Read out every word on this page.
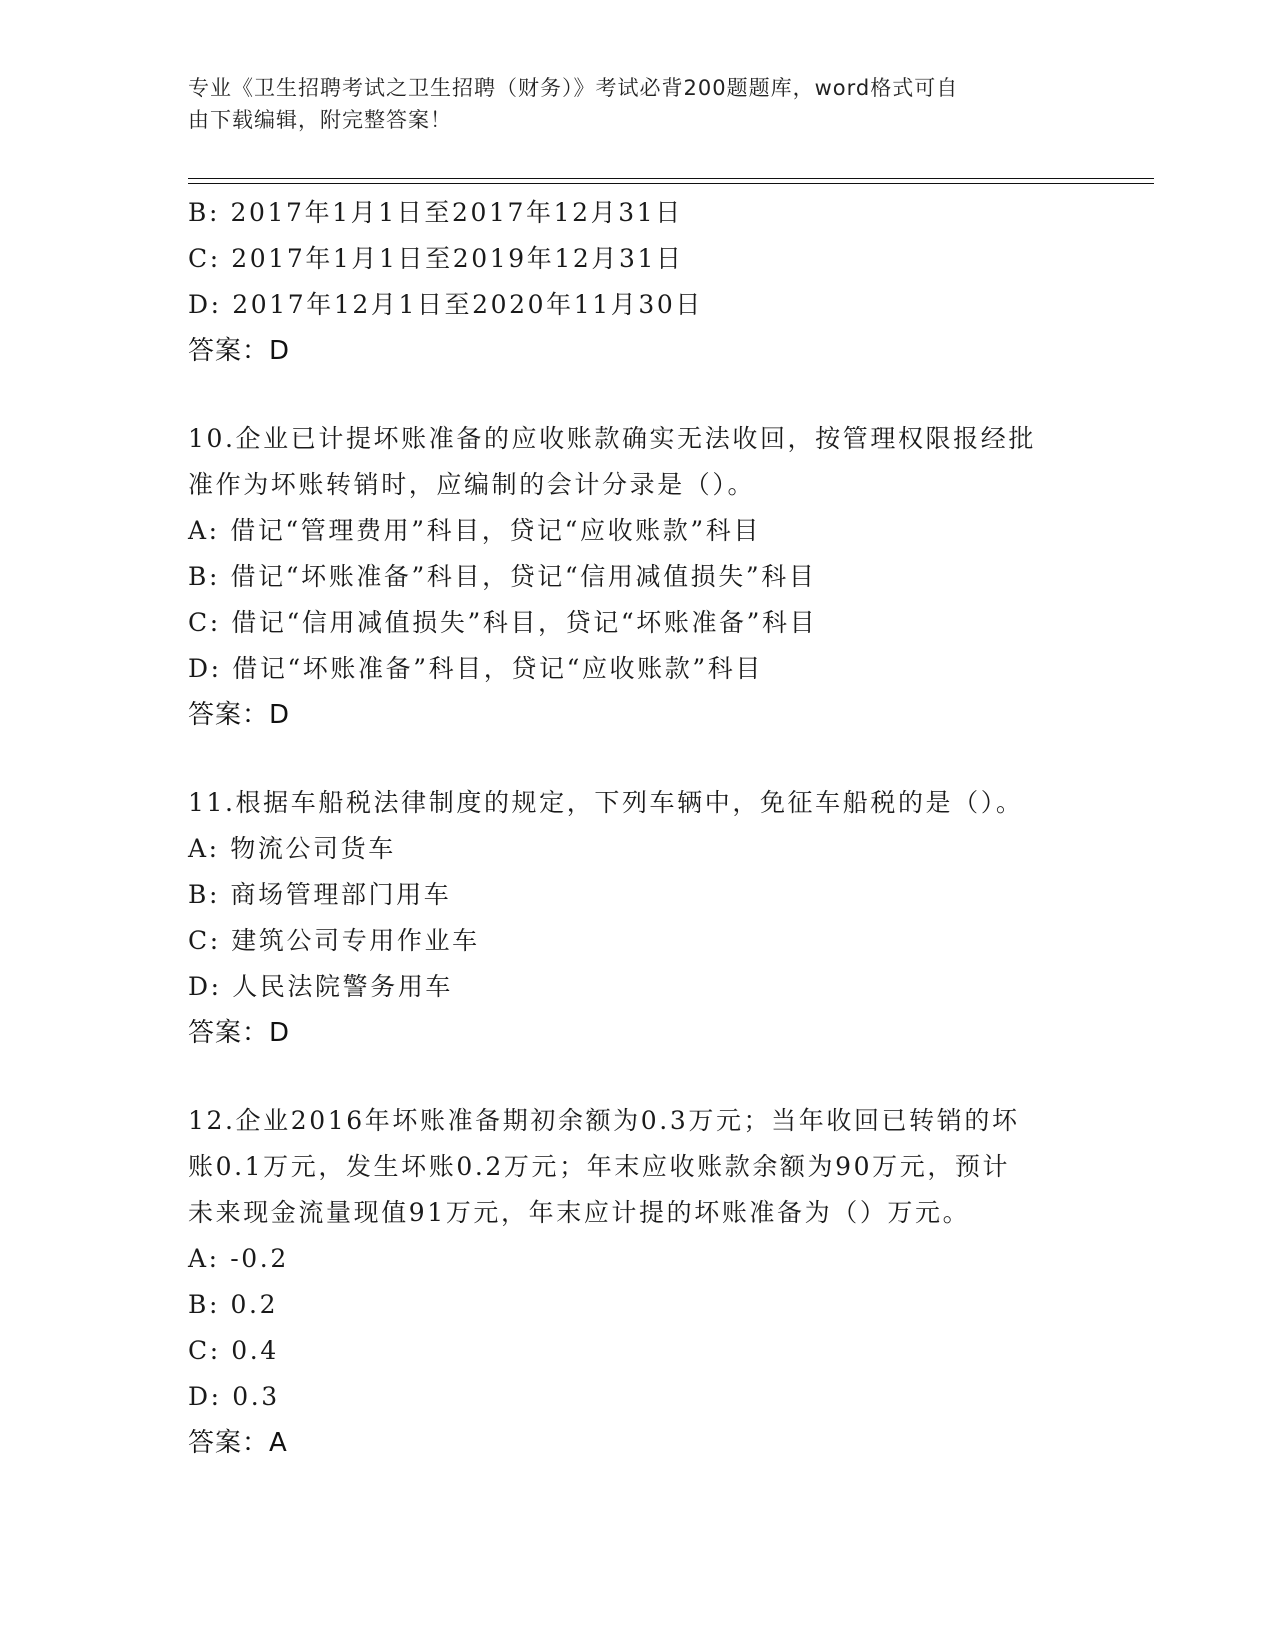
专业《卫生招聘考试之卫生招聘（财务）》考试必背200题题库，word格式可自
由下载编辑，附完整答案！
B: 2017年1月1日至2017年12月31日
C: 2017年1月1日至2019年12月31日
D: 2017年12月1日至2020年11月30日
答案：D
10.企业已计提坏账准备的应收账款确实无法收回，按管理权限报经批
准作为坏账转销时，应编制的会计分录是（）。
A: 借记“管理费用”科目，贷记“应收账款”科目
B: 借记“坏账准备”科目，贷记“信用减值损失”科目
C: 借记“信用减值损失”科目，贷记“坏账准备”科目
D: 借记“坏账准备”科目，贷记“应收账款”科目
答案：D
11.根据车船税法律制度的规定，下列车辆中，免征车船税的是（）。
A: 物流公司货车
B: 商场管理部门用车
C: 建筑公司专用作业车
D: 人民法院警务用车
答案：D
12.企业2016年坏账准备期初余额为0.3万元；当年收回已转销的坏
账0.1万元，发生坏账0.2万元；年末应收账款余额为90万元，预计
未来现金流量现值91万元，年末应计提的坏账准备为（）万元。
A: -0.2
B: 0.2
C: 0.4
D: 0.3
答案：A
